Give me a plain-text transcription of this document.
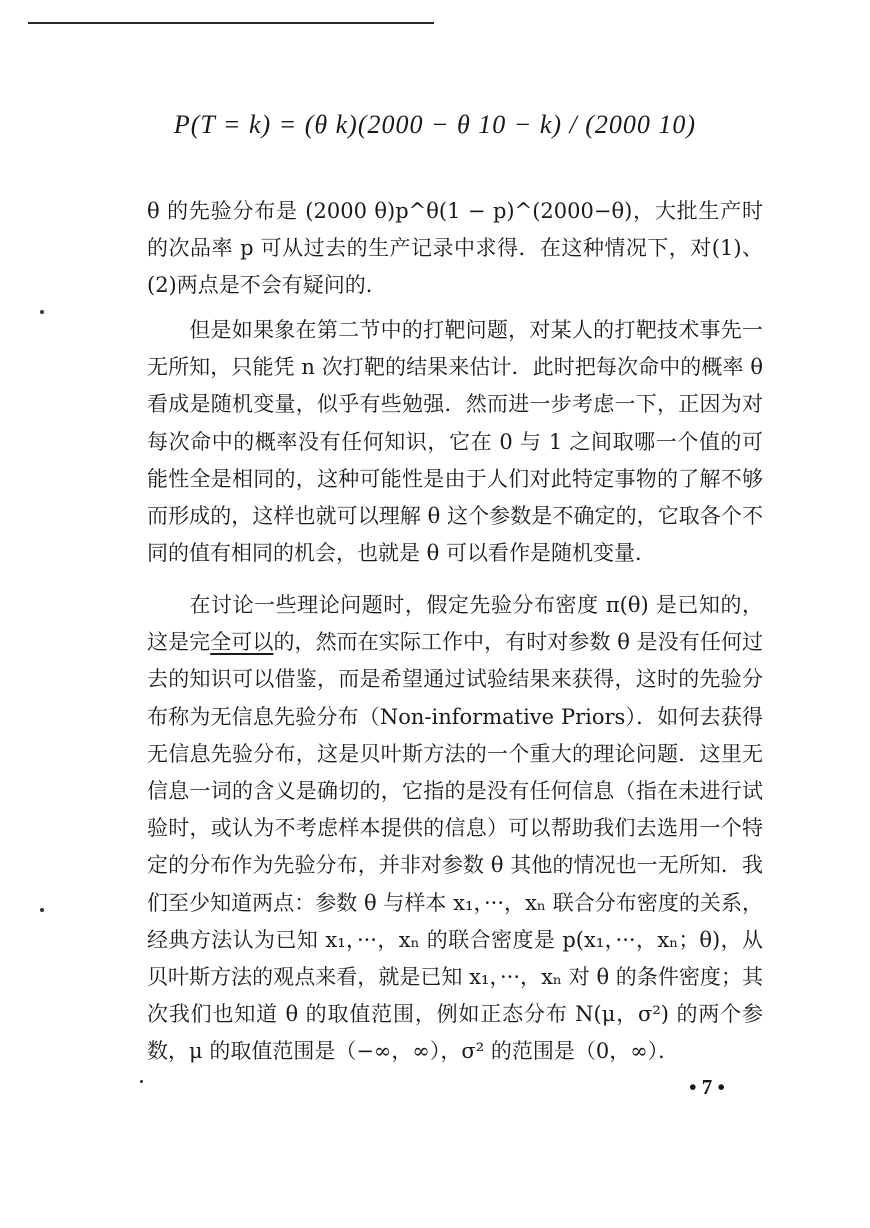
P(T = k) = (θ k)(2000 − θ 10 − k) / (2000 10)

θ 的先验分布是 (2000 θ)p^θ(1 − p)^(2000−θ)，大批生产时的次品率 p 可从过去的生产记录中求得．在这种情况下，对(1)、(2)两点是不会有疑问的．

但是如果象在第二节中的打靶问题，对某人的打靶技术事先一无所知，只能凭 n 次打靶的结果来估计．此时把每次命中的概率 θ 看成是随机变量，似乎有些勉强．然而进一步考虑一下，正因为对每次命中的概率没有任何知识，它在 0 与 1 之间取哪一个值的可能性全是相同的，这种可能性是由于人们对此特定事物的了解不够而形成的，这样也就可以理解 θ 这个参数是不确定的，它取各个不同的值有相同的机会，也就是 θ 可以看作是随机变量．

在讨论一些理论问题时，假定先验分布密度 π(θ) 是已知的，这是完全可以的，然而在实际工作中，有时对参数 θ 是没有任何过去的知识可以借鉴，而是希望通过试验结果来获得，这时的先验分布称为无信息先验分布（Non-informative Priors）．如何去获得无信息先验分布，这是贝叶斯方法的一个重大的理论问题．这里无信息一词的含义是确切的，它指的是没有任何信息（指在未进行试验时，或认为不考虑样本提供的信息）可以帮助我们去选用一个特定的分布作为先验分布，并非对参数 θ 其他的情况也一无所知．我们至少知道两点：参数 θ 与样本 x₁，···，xₙ 联合分布密度的关系，经典方法认为已知 x₁，···，xₙ 的联合密度是 p(x₁，···，xₙ；θ)，从贝叶斯方法的观点来看，就是已知 x₁，···，xₙ 对 θ 的条件密度；其次我们也知道 θ 的取值范围，例如正态分布 N(μ，σ²) 的两个参数，μ 的取值范围是（−∞，∞），σ² 的范围是（0，∞）．

• 7 •
